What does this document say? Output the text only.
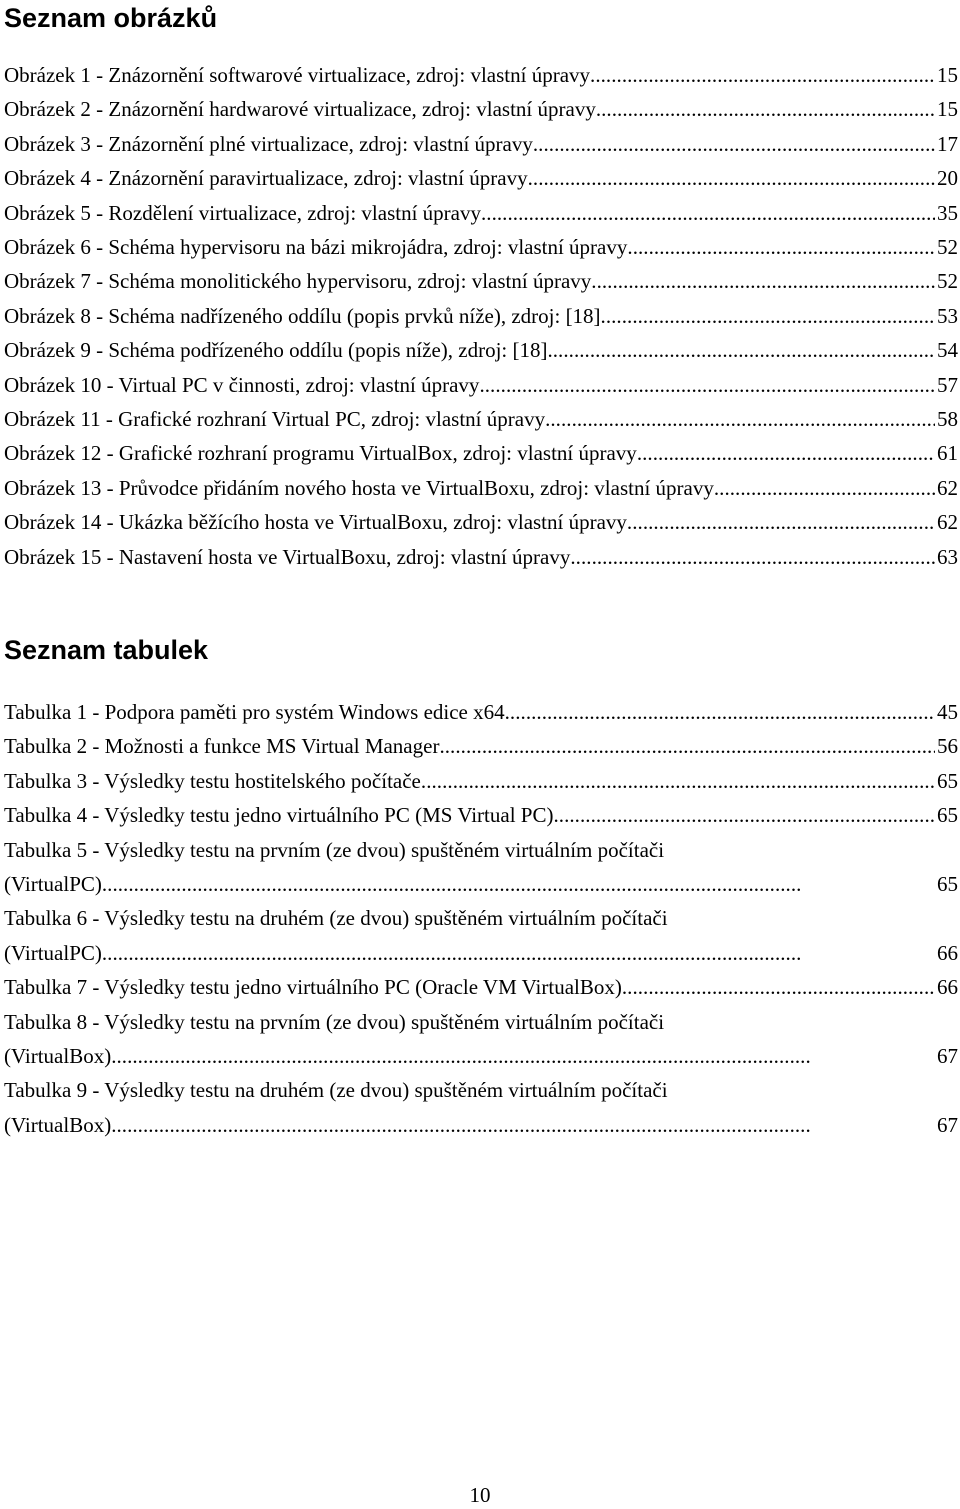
Seznam obrázků
Obrázek 1 - Znázornění softwarové virtualizace, zdroj: vlastní úpravy . . .	15
Obrázek 2 - Znázornění hardwarové virtualizace, zdroj: vlastní úpravy . . .	15
Obrázek 3 - Znázornění plné virtualizace, zdroj: vlastní úpravy . . .	17
Obrázek 4 - Znázornění paravirtualizace, zdroj: vlastní úpravy . . .	20
Obrázek 5 - Rozdělení virtualizace, zdroj: vlastní úpravy . . .	35
Obrázek 6 - Schéma hypervisoru na bázi mikrojádra, zdroj: vlastní úpravy . . .	52
Obrázek 7 - Schéma monolitického hypervisoru, zdroj: vlastní úpravy . . .	52
Obrázek 8 - Schéma nadřízeného oddílu (popis prvků níže), zdroj: [18]. . . .	53
Obrázek 9 - Schéma podřízeného oddílu (popis níže), zdroj: [18]. . . .	54
Obrázek 10 - Virtual PC v činnosti, zdroj: vlastní úpravy . . .	57
Obrázek 11 - Grafické rozhraní Virtual PC, zdroj: vlastní úpravy . . .	58
Obrázek 12 - Grafické rozhraní programu VirtualBox, zdroj: vlastní úpravy . . .	61
Obrázek 13 - Průvodce přidáním nového hosta ve VirtualBoxu, zdroj: vlastní úpravy . . .	62
Obrázek 14 - Ukázka běžícího hosta ve VirtualBoxu, zdroj: vlastní úpravy . . .	62
Obrázek 15 - Nastavení hosta ve VirtualBoxu, zdroj: vlastní úpravy . . .	63
Seznam tabulek
Tabulka 1 - Podpora paměti pro systém Windows edice x64 . . .	45
Tabulka 2 - Možnosti a funkce MS Virtual Manager . . .	56
Tabulka 3 - Výsledky testu hostitelského počítače . . .	65
Tabulka 4 - Výsledky testu jedno virtuálního PC (MS Virtual PC) . . .	65
Tabulka 5 - Výsledky testu na prvním (ze dvou) spuštěném virtuálním počítači
(VirtualPC). . . .	65
Tabulka 6 - Výsledky testu na druhém (ze dvou) spuštěném virtuálním počítači
(VirtualPC). . . .	66
Tabulka 7 - Výsledky testu jedno virtuálního PC (Oracle VM VirtualBox) . . .	66
Tabulka 8 - Výsledky testu na prvním (ze dvou) spuštěném virtuálním počítači
(VirtualBox). . . .	67
Tabulka 9 - Výsledky testu na druhém (ze dvou) spuštěném virtuálním počítači
(VirtualBox). . . .	67
10
